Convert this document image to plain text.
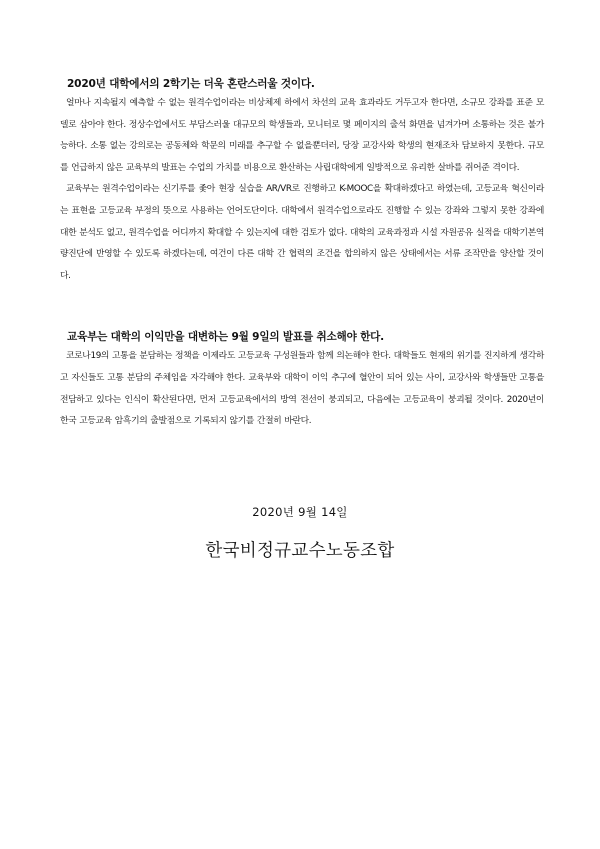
2020년 대학에서의 2학기는 더욱 혼란스러울 것이다.

얼마나 지속될지 예측할 수 없는 원격수업이라는 비상체제 하에서 차선의 교육 효과라도 거두고자 한다면, 소규모 강좌를 표준 모델로 삼아야 한다. 정상수업에서도 부담스러울 대규모의 학생들과, 모니터로 몇 페이지의 출석 화면을 넘겨가며 소통하는 것은 불가능하다. 소통 없는 강의로는 공동체와 학문의 미래를 추구할 수 없을뿐더러, 당장 교강사와 학생의 현재조차 담보하지 못한다. 규모를 언급하지 않은 교육부의 발표는 수업의 가치를 비용으로 환산하는 사립대학에게 일방적으로 유리한 살바를 쥐어준 격이다.

교육부는 원격수업이라는 신기루를 좇아 현장 실습을 AR/VR로 진행하고 K-MOOC을 확대하겠다고 하였는데, 고등교육 혁신이라는 표현을 고등교육 부정의 뜻으로 사용하는 언어도단이다. 대학에서 원격수업으로라도 진행할 수 있는 강좌와 그렇지 못한 강좌에 대한 분석도 없고, 원격수업을 어디까지 확대할 수 있는지에 대한 검토가 없다. 대학의 교육과정과 시설 자원공유 실적을 대학기본역량진단에 반영할 수 있도록 하겠다는데, 여건이 다른 대학 간 협력의 조건을 합의하지 않은 상태에서는 서류 조작만을 양산할 것이다.

교육부는 대학의 이익만을 대변하는 9월 9일의 발표를 취소해야 한다.

코로나19의 고통을 분담하는 정책을 이제라도 고등교육 구성원들과 함께 의논해야 한다. 대학들도 현재의 위기를 진지하게 생각하고 자신들도 고통 분담의 주체임을 자각해야 한다. 교육부와 대학이 이익 추구에 혈안이 되어 있는 사이, 교강사와 학생들만 고통을 전담하고 있다는 인식이 확산된다면, 먼저 고등교육에서의 방역 전선이 붕괴되고, 다음에는 고등교육이 붕괴될 것이다. 2020년이 한국 고등교육 암흑기의 출발점으로 기록되지 않기를 간절히 바란다.

2020년 9월 14일
한국비정규교수노동조합
